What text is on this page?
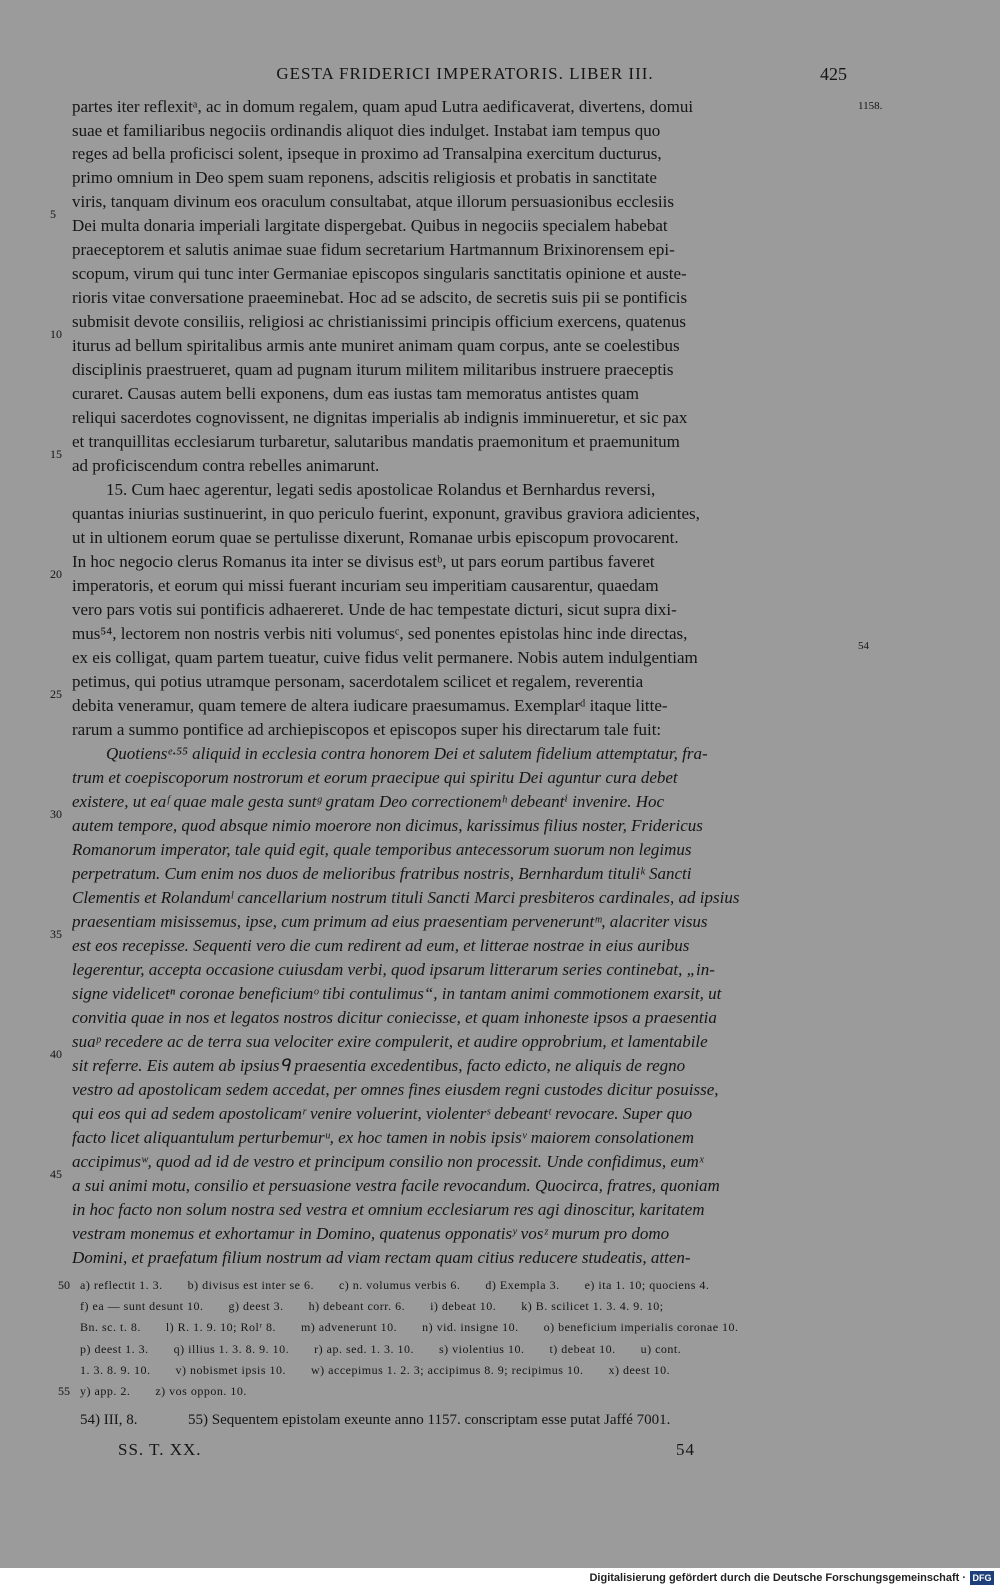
GESTA FRIDERICI IMPERATORIS. LIBER III.	425
partes iter reflexitᵃ, ac in domum regalem, quam apud Lutra aedificaverat, divertens, domui
suae et familiaribus negociis ordinandis aliquot dies indulget. Instabat iam tempus quo
reges ad bella proficisci solent, ipseque in proximo ad Transalpina exercitum ducturus,
primo omnium in Deo spem suam reponens, adscitis religiosis et probatis in sanctitate
viris, tanquam divinum eos oraculum consultabat, atque illorum persuasionibus ecclesiis
Dei multa donaria imperiali largitate dispergebat. Quibus in negociis specialem habebat
praeceptorem et salutis animae suae fidum secretarium Hartmannum Brixinorensem epi-
scopum, virum qui tunc inter Germaniae episcopos singularis sanctitatis opinione et auste-
rioris vitae conversatione praeeminebat. Hoc ad se adscito, de secretis suis pii se pontificis
submisit devote consiliis, religiosi ac christianissimi principis officium exercens, quatenus
iturus ad bellum spiritalibus armis ante muniret animam quam corpus, ante se coelestibus
disciplinis praestrueret, quam ad pugnam iturum militem militaribus instruere praeceptis
curaret. Causas autem belli exponens, dum eas iustas tam memoratus antistes quam
reliqui sacerdotes cognovissent, ne dignitas imperialis ab indignis imminueretur, et sic pax
et tranquillitas ecclesiarum turbaretur, salutaribus mandatis praemonitum et praemunitum
ad proficiscendum contra rebelles animarunt.
  15. Cum haec agerentur, legati sedis apostolicae Rolandus et Bernhardus reversi,
quantas iniurias sustinuerint, in quo periculo fuerint, exponunt, gravibus graviora adicientes,
ut in ultionem eorum quae se pertulisse dixerunt, Romanae urbis episcopum provocarent.
In hoc negocio clerus Romanus ita inter se divisus estᵇ, ut pars eorum partibus faveret
imperatoris, et eorum qui missi fuerant incuriam seu imperitiam causarentur, quaedam
vero pars votis sui pontificis adhaereret. Unde de hac tempestate dicturi, sicut supra dixi-
mus⁵⁴, lectorem non nostris verbis niti volumusᶜ, sed ponentes epistolas hinc inde directas,
ex eis colligat, quam partem tueatur, cuive fidus velit permanere. Nobis autem indulgentiam
petimus, qui potius utramque personam, sacerdotalem scilicet et regalem, reverentia
debita veneramur, quam temere de altera iudicare praesumamus. Exemplarᵈ itaque litte-
rarum a summo pontifice ad archiepiscopos et episcopos super his directarum tale fuit:
  Quotiensᵉ·⁵⁵ aliquid in ecclesia contra honorem Dei et salutem fidelium attemptatur, fra-
trum et coepiscoporum nostrorum et eorum praecipue qui spiritu Dei aguntur cura debet
existere, ut eaᶠ quae male gesta suntᵍ gratam Deo correctionemʰ debeantⁱ invenire. Hoc
autem tempore, quod absque nimio moerore non dicimus, karissimus filius noster, Fridericus
Romanorum imperator, tale quid egit, quale temporibus antecessorum suorum non legimus
perpetratum. Cum enim nos duos de melioribus fratribus nostris, Bernhardum tituliᵏ Sancti
Clementis et Rolandumˡ cancellarium nostrum tituli Sancti Marci presbiteros cardinales, ad ipsius
praesentiam misissemus, ipse, cum primum ad eius praesentiam perveneruntᵐ, alacriter visus
est eos recepisse. Sequenti vero die cum redirent ad eum, et litterae nostrae in eius auribus
legerentur, accepta occasione cuiusdam verbi, quod ipsarum litterarum series continebat, „in-
signe videlicetⁿ coronae beneficiumᵒ tibi contulimus“, in tantam animi commotionem exarsit, ut
convitia quae in nos et legatos nostros dicitur coniecisse, et quam inhoneste ipsos a praesentia
suaᵖ recedere ac de terra sua velociter exire compulerit, et audire opprobrium, et lamentabile
sit referre. Eis autem ab ipsiusᑫ praesentia excedentibus, facto edicto, ne aliquis de regno
vestro ad apostolicam sedem accedat, per omnes fines eiusdem regni custodes dicitur posuisse,
qui eos qui ad sedem apostolicamʳ venire voluerint, violenterˢ debeantᵗ revocare. Super quo
facto licet aliquantulum perturbemurᵘ, ex hoc tamen in nobis ipsisᵛ maiorem consolationem
accipimusʷ, quod ad id de vestro et principum consilio non processit. Unde confidimus, eumˣ
a sui animi motu, consilio et persuasione vestra facile revocandum. Quocirca, fratres, quoniam
in hoc facto non solum nostra sed vestra et omnium ecclesiarum res agi dinoscitur, karitatem
vestram monemus et exhortamur in Domino, quatenus opponatisʸ vosᶻ murum pro domo
Domini, et praefatum filium nostrum ad viam rectam quam citius reducere studeatis, atten-
5
10
15
20
25
30
35
40
45
50
55
1158.
54
a) reflectit 1. 3.  b) divisus est inter se 6.  c) n. volumus verbis 6.  d) Exempla 3.  e) ita 1. 10; quociens 4.
f) ea — sunt desunt 10.  g) deest 3.  h) debeant corr. 6.  i) debeat 10.  k) B. scilicet 1. 3. 4. 9. 10;
Bn. sc. t. 8.  l) R. 1. 9. 10; Rolʳ 8.  m) advenerunt 10.  n) vid. insigne 10.  o) beneficium imperialis coronae 10.
p) deest 1. 3.  q) illius 1. 3. 8. 9. 10.  r) ap. sed. 1. 3. 10.  s) violentius 10.  t) debeat 10.  u) cont.
1. 3. 8. 9. 10.  v) nobismet ipsis 10.  w) accepimus 1. 2. 3; accipimus 8. 9; recipimus 10.  x) deest 10.
y) app. 2.  z) vos oppon. 10.
54) III, 8.	55) Sequentem epistolam exeunte anno 1157. conscriptam esse putat Jaffé 7001.
SS. T. XX.	54
Digitalisierung gefördert durch die Deutsche Forschungsgemeinschaft · DFG
